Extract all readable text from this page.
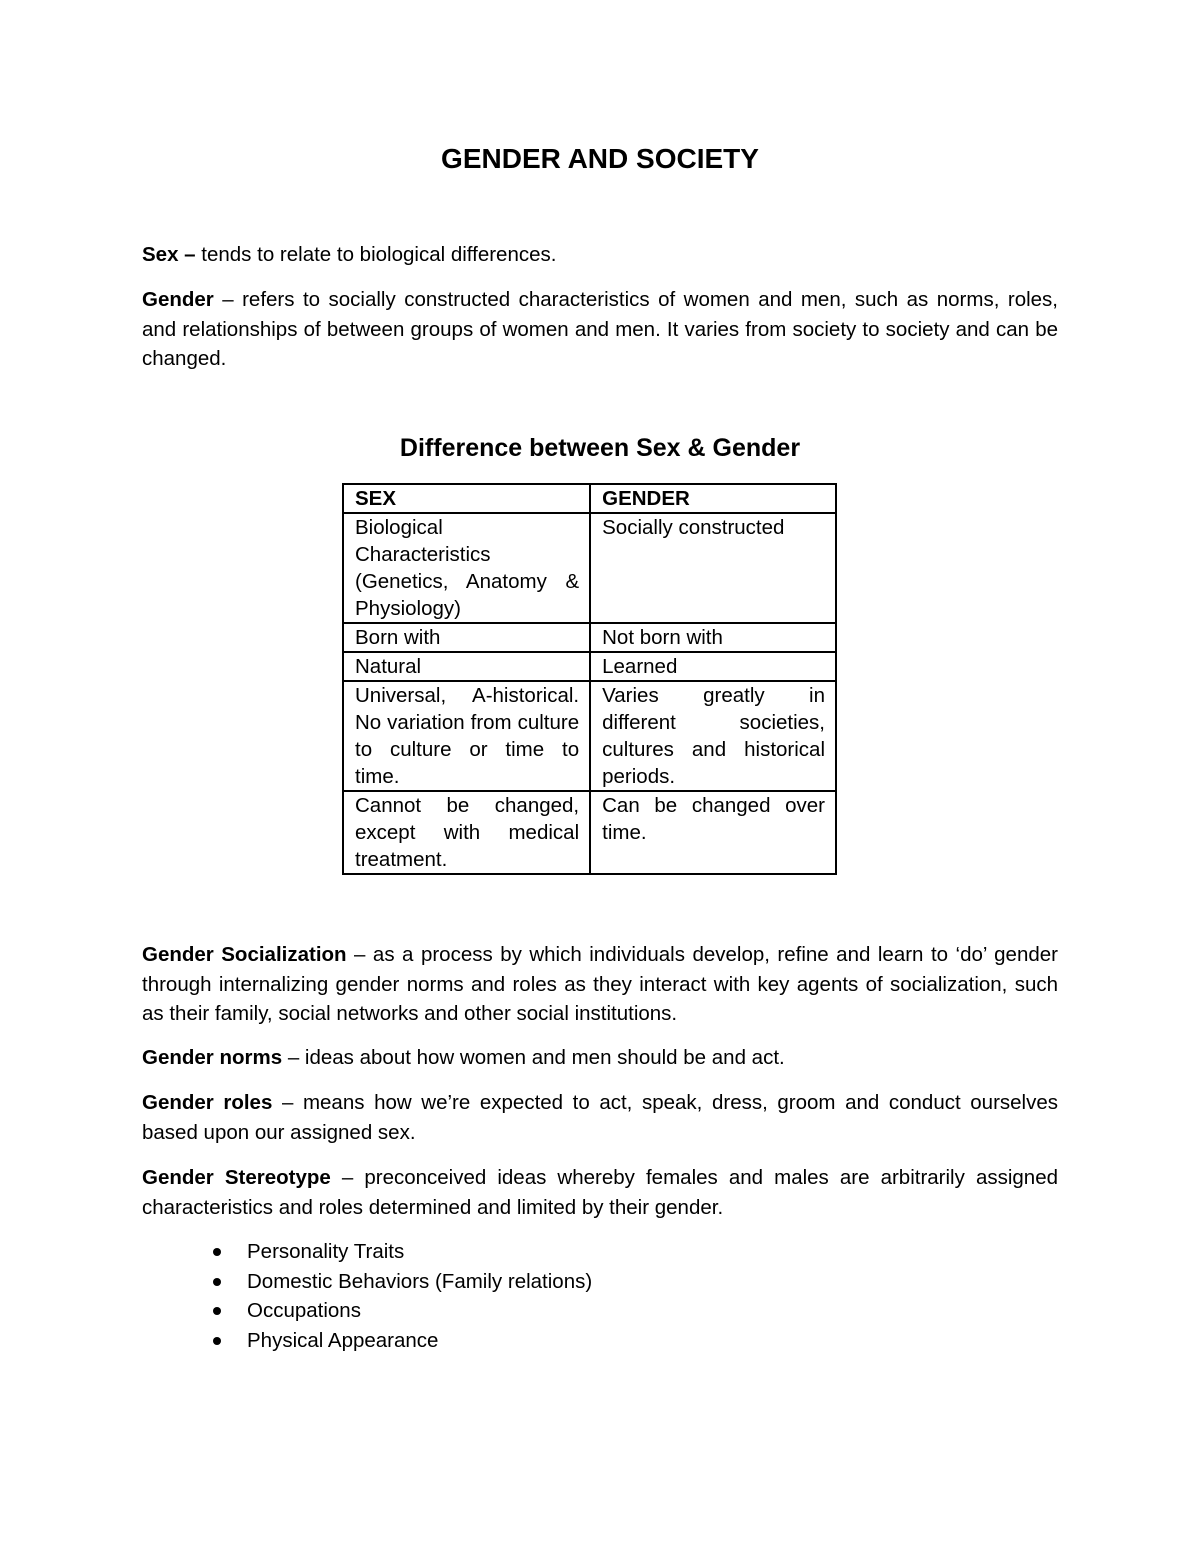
GENDER AND SOCIETY

Sex – tends to relate to biological differences.

Gender – refers to socially constructed characteristics of women and men, such as norms, roles, and relationships of between groups of women and men. It varies from society to society and can be changed.

Difference between Sex & Gender
SEX	GENDER
Biological Characteristics (Genetics, Anatomy & Physiology)	Socially constructed
Born with	Not born with
Natural	Learned
Universal, A-historical. No variation from culture to culture or time to time.	Varies greatly in different societies, cultures and historical periods.
Cannot be changed, except with medical treatment.	Can be changed over time.

Gender Socialization – as a process by which individuals develop, refine and learn to ‘do’ gender through internalizing gender norms and roles as they interact with key agents of socialization, such as their family, social networks and other social institutions.

Gender norms – ideas about how women and men should be and act.

Gender roles – means how we’re expected to act, speak, dress, groom and conduct ourselves based upon our assigned sex.

Gender Stereotype – preconceived ideas whereby females and males are arbitrarily assigned characteristics and roles determined and limited by their gender.

Personality Traits
Domestic Behaviors (Family relations)
Occupations
Physical Appearance
